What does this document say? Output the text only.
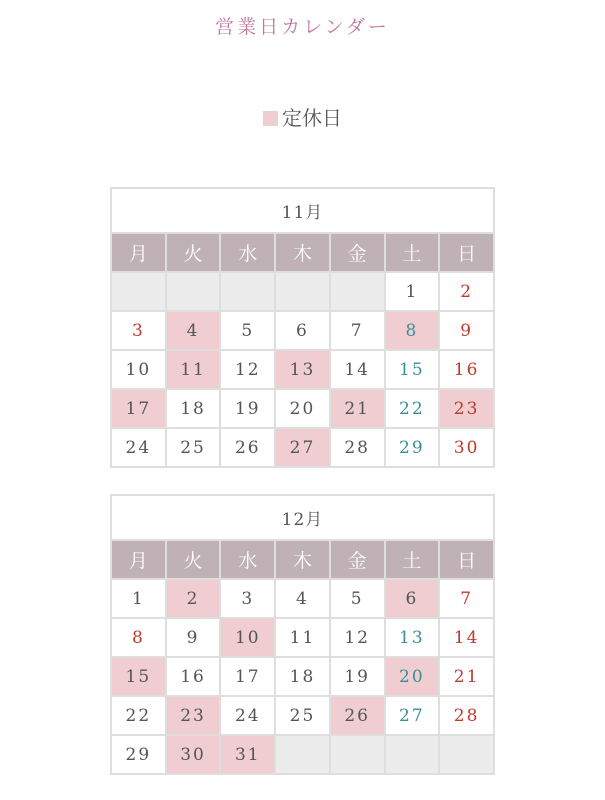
営業日カレンダー
定休日
11月						
月	火	水	木	金	土	日
					1	2
3	4	5	6	7	8	9
10	11	12	13	14	15	16
17	18	19	20	21	22	23
24	25	26	27	28	29	30
12月						
月	火	水	木	金	土	日
1	2	3	4	5	6	7
8	9	10	11	12	13	14
15	16	17	18	19	20	21
22	23	24	25	26	27	28
29	30	31				
